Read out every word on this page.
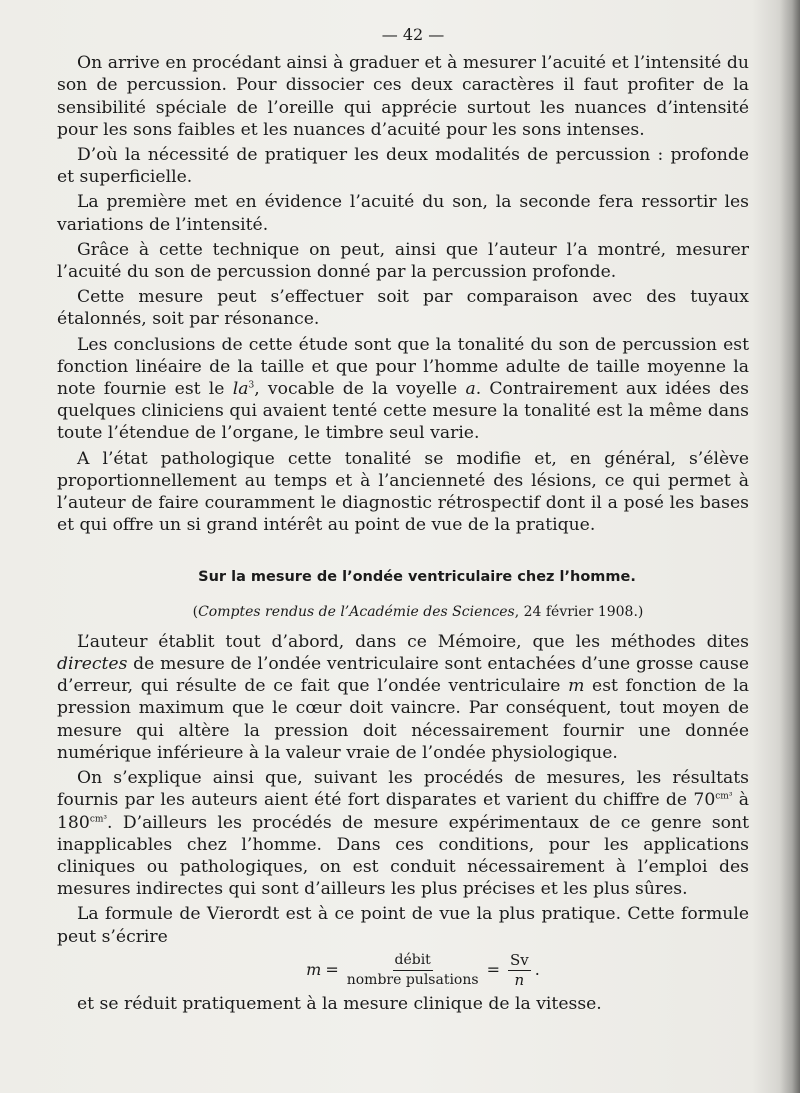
— 42 —

On arrive en procédant ainsi à graduer et à mesurer l’acuité et l’intensité du son de percussion. Pour dissocier ces deux caractères il faut profiter de la sensibilité spéciale de l’oreille qui apprécie surtout les nuances d’intensité pour les sons faibles et les nuances d’acuité pour les sons intenses.

D’où la nécessité de pratiquer les deux modalités de percussion : profonde et superficielle.

La première met en évidence l’acuité du son, la seconde fera ressortir les variations de l’intensité.

Grâce à cette technique on peut, ainsi que l’auteur l’a montré, mesurer l’acuité du son de percussion donné par la percussion profonde.

Cette mesure peut s’effectuer soit par comparaison avec des tuyaux étalonnés, soit par résonance.

Les conclusions de cette étude sont que la tonalité du son de percussion est fonction linéaire de la taille et que pour l’homme adulte de taille moyenne la note fournie est le $la^3$, vocable de la voyelle a. Contrairement aux idées des quelques cliniciens qui avaient tenté cette mesure la tonalité est la même dans toute l’étendue de l’organe, le timbre seul varie.

A l’état pathologique cette tonalité se modifie et, en général, s’élève proportionnellement au temps et à l’ancienneté des lésions, ce qui permet à l’auteur de faire couramment le diagnostic rétrospectif dont il a posé les bases et qui offre un si grand intérêt au point de vue de la pratique.

Sur la mesure de l’ondée ventriculaire chez l’homme.
(Comptes rendus de l’Académie des Sciences, 24 février 1908.)

L’auteur établit tout d’abord, dans ce Mémoire, que les méthodes dites directes de mesure de l’ondée ventriculaire sont entachées d’une grosse cause d’erreur, qui résulte de ce fait que l’ondée ventriculaire m est fonction de la pression maximum que le cœur doit vaincre. Par conséquent, tout moyen de mesure qui altère la pression doit nécessairement fournir une donnée numérique inférieure à la valeur vraie de l’ondée physiologique.

On s’explique ainsi que, suivant les procédés de mesures, les résultats fournis par les auteurs aient été fort disparates et varient du chiffre de $70^{cm^3}$ à $180^{cm^3}$. D’ailleurs les procédés de mesure expérimentaux de ce genre sont inapplicables chez l’homme. Dans ces conditions, pour les applications cliniques ou pathologiques, on est conduit nécessairement à l’emploi des mesures indirectes qui sont d’ailleurs les plus précises et les plus sûres.

La formule de Vierordt est à ce point de vue la plus pratique. Cette formule peut s’écrire

$m = \frac{\text{débit}}{\text{nombre pulsations}} = \frac{Sv}{n}$ .

et se réduit pratiquement à la mesure clinique de la vitesse.
